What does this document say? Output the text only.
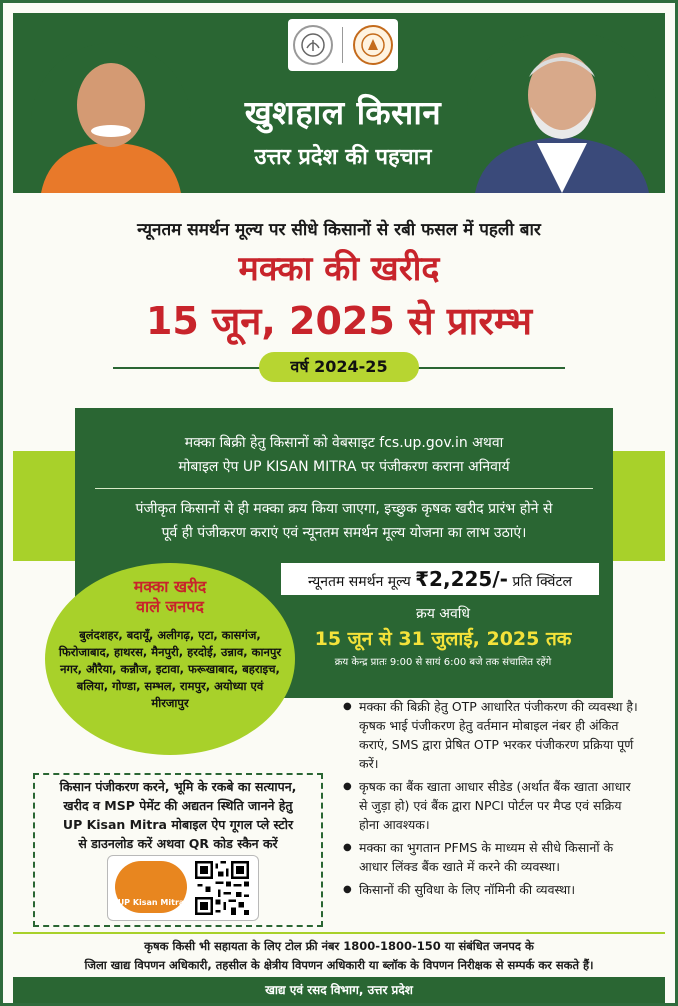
खुशहाल किसान
उत्तर प्रदेश की पहचान
न्यूनतम समर्थन मूल्य पर सीधे किसानों से रबी फसल में पहली बार
मक्का की खरीद
15 जून, 2025 से प्रारम्भ
वर्ष 2024-25
मक्का बिक्री हेतु किसानों को वेबसाइट fcs.up.gov.in अथवा
मोबाइल ऐप UP KISAN MITRA पर पंजीकरण कराना अनिवार्य
पंजीकृत किसानों से ही मक्का क्रय किया जाएगा, इच्छुक कृषक खरीद प्रारंभ होने से
पूर्व ही पंजीकरण कराएं एवं न्यूनतम समर्थन मूल्य योजना का लाभ उठाएं।
न्यूनतम समर्थन मूल्य ₹2,225/- प्रति क्विंटल
क्रय अवधि
15 जून से 31 जुलाई, 2025 तक
क्रय केन्द्र प्रातः 9:00 से सायं 6:00 बजे तक संचालित रहेंगे
मक्का खरीद
वाले जनपद
बुलंदशहर, बदायूँ, अलीगढ़, एटा, कासगंज, फिरोजाबाद, हाथरस, मैनपुरी, हरदोई, उन्नाव, कानपुर नगर, औरैया, कन्नौज, इटावा, फरूखाबाद, बहराइच, बलिया, गोण्डा, सम्भल, रामपुर, अयोध्या एवं मीरजापुर
किसान पंजीकरण करने, भूमि के रकबे का सत्यापन,
खरीद व MSP पेमेंट की अद्यतन स्थिति जानने हेतु
UP Kisan Mitra मोबाइल ऐप गूगल प्ले स्टोर
से डाउनलोड करें अथवा QR कोड स्कैन करें
UP Kisan Mitra
● मक्का की बिक्री हेतु OTP आधारित पंजीकरण की व्यवस्था है। कृषक भाई पंजीकरण हेतु वर्तमान मोबाइल नंबर ही अंकित कराएं, SMS द्वारा प्रेषित OTP भरकर पंजीकरण प्रक्रिया पूर्ण करें।
● कृषक का बैंक खाता आधार सीडेड (अर्थात बैंक खाता आधार से जुड़ा हो) एवं बैंक द्वारा NPCI पोर्टल पर मैप्ड एवं सक्रिय होना आवश्यक।
● मक्का का भुगतान PFMS के माध्यम से सीधे किसानों के आधार लिंक्ड बैंक खाते में करने की व्यवस्था।
● किसानों की सुविधा के लिए नॉमिनी की व्यवस्था।
कृषक किसी भी सहायता के लिए टोल फ्री नंबर 1800-1800-150 या संबंधित जनपद के
जिला खाद्य विपणन अधिकारी, तहसील के क्षेत्रीय विपणन अधिकारी या ब्लॉक के विपणन निरीक्षक से सम्पर्क कर सकते हैं।
खाद्य एवं रसद विभाग, उत्तर प्रदेश
